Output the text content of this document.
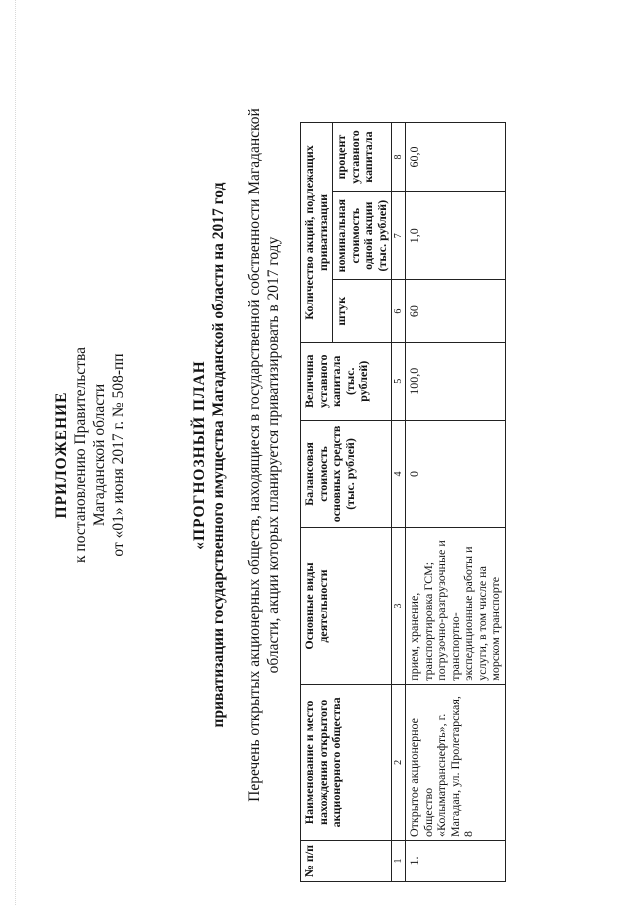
ПРИЛОЖЕНИЕ к постановлению Правительства Магаданской области от «01» июня 2017 г. № 508-пп	«ПРОГНОЗНЫЙ ПЛАН приватизации государственного имущества Магаданской области на 2017 год Перечень открытых акционерных обществ, находящиеся в государственной собственности Магаданской области, акции которых планируется приватизировать в 2017 году
№ п/п	Наименование и место нахождения открытого акционерного общества	Основные виды деятельности	Балансовая стоимость основных средств (тыс. рублей)	Величина уставного капитала (тыс. рублей)	Количество акций, подлежащих приватизации		
					штук	номинальная стоимость одной акции (тыс. рублей)	процент уставного капитала
1	2	3	4	5	6	7	8
1.	Открытое акционерное общество «Колыматранснефть», г. Магадан, ул. Пролетарская, 8	прием, хранение, транспортировка ГСМ; погрузочно-разгрузочные и транспортно-экспедиционные работы и услуги, в том числе на морском транспорте	0	100,0	60	1,0	60,0
